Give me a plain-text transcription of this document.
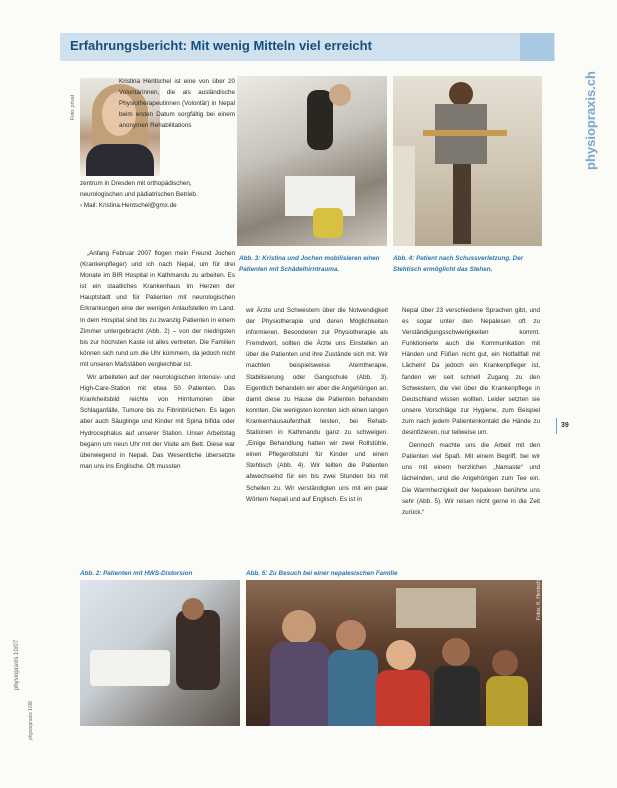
Erfahrungsbericht: Mit wenig Mitteln viel erreicht
physiopraxis.ch
Foto: privat
Kristina Hentschel ist eine von über 20 Volontärinnen, die als ausländische Physiotherapeutinnen (Volontär) in Nepal beim ersten Datum sorgfältig bei einem anonymen Rehabilitations
zentrum in Dresden mit orthopädischen, neurologischen und pädiatrischen Betrieb.
› Mail: Kristina.Hentschel@gmx.de
Abb. 3: Kristina und Jochen mobilisieren einen Patienten mit Schädelhirntrauma.
Abb. 4: Patient nach Schussverletzung. Der Stehtisch ermöglicht das Stehen.

„Anfang Februar 2007 flogen mein Freund Jochen (Krankenpfleger) und ich nach Nepal, um für drei Monate im BIR Hospital in Kathmandu zu arbeiten. Es ist ein staatliches Krankenhaus im Herzen der Hauptstadt und für Patienten mit neurologischen Erkrankungen eine der wenigen Anlaufstellen im Land. In dem Hospital sind bis zu zwanzig Patienten in einem Zimmer untergebracht (Abb. 2) – von der niedrigsten bis zur höchsten Kaste ist alles vertreten. Die Familien können sich rund um die Uhr kümmern, da jedoch nicht mit unseren Maßstäben vergleichbar ist.

Wir arbeiteten auf der neurologischen Intensiv- und High-Care-Station mit etwa 50 Patienten. Das Krankheitsbild reichte von Hirntumoren über Schlaganfälle, Tumore bis zu Fibrinbrüchen. Es lagen aber auch Säuglinge und Kinder mit Spina bifida oder Hydrocephalus auf unserer Station. Unser Arbeitstag begann um neun Uhr mit der Visite am Bett. Diese war überwiegend in Nepali. Das Wesentliche übersetzte man uns ins Englische. Oft mussten

wir Ärzte und Schwestern über die Notwendigkeit der Physiotherapie und deren Möglichkeiten informieren. Besonderen zur Physiotherapie als Fremdwort, sollten die Ärzte uns Einstellen an über die Patienten und ihre Zustände sich mit. Wir machten beispielsweise Atemtherapie, Stabilisierung oder Gangschule (Abb. 3). Eigentlich behandeln wir aber die Angehörigen an, damit diese zu Hause die Patienten behandeln konnten. Die wenigsten konnten sich einen langen Krankenhausaufenthalt leisten, bei Rehab-Stationen in Kathmandu ganz zu schweigen. „Einige Behandlung hatten wir zwei Rollstühle, einen Pflegerollstuhl für Kinder und einen Stehtisch (Abb. 4). Wir teilten die Patienten abwechselnd für ein bis zwei Stunden bis mit Schellen zu. Wir verständigten uns mit ein paar Wörtern Nepali und auf Englisch. Es ist in

Nepal über 23 verschiedene Sprachen gibt, und es sogar unter den Nepalesen oft zu Verständigungsschwierigkeiten kommt. Funktionierte auch die Kommunikation mit Händen und Füßen nicht gut, ein Notfallfall mit Lächeln! Da jedoch ein Krankenpfleger ist, fanden wir seit schnell Zugang zu den Schwestern, die viel über die Krankenpflege in Deutschland wissen wollten. Leider setzten sie unsere Vorschläge zur Hygiene, zum Beispiel zum nach jedem Patientenkontakt die Hände zu desinfizieren, nur teilweise um.

Dennoch machte uns die Arbeit mit den Patienten viel Spaß. Mit einem Begriff, bei wir uns mit einem herzlichen „Namaste“ und lächelnden, und die Angehörigen zum Tee ein. Die Warmherzigkeit der Nepalesen berührte uns sehr (Abb. 5). Wir reisen nicht gerne in die Zeit zurück.“

39
Abb. 2: Patienten mit HWS-Distorsion	Abb. 5: Zu Besuch bei einer nepalesischen Familie
Fotos: K. Hentschel
physiopraxis 10/07
physiopraxis 1/08
